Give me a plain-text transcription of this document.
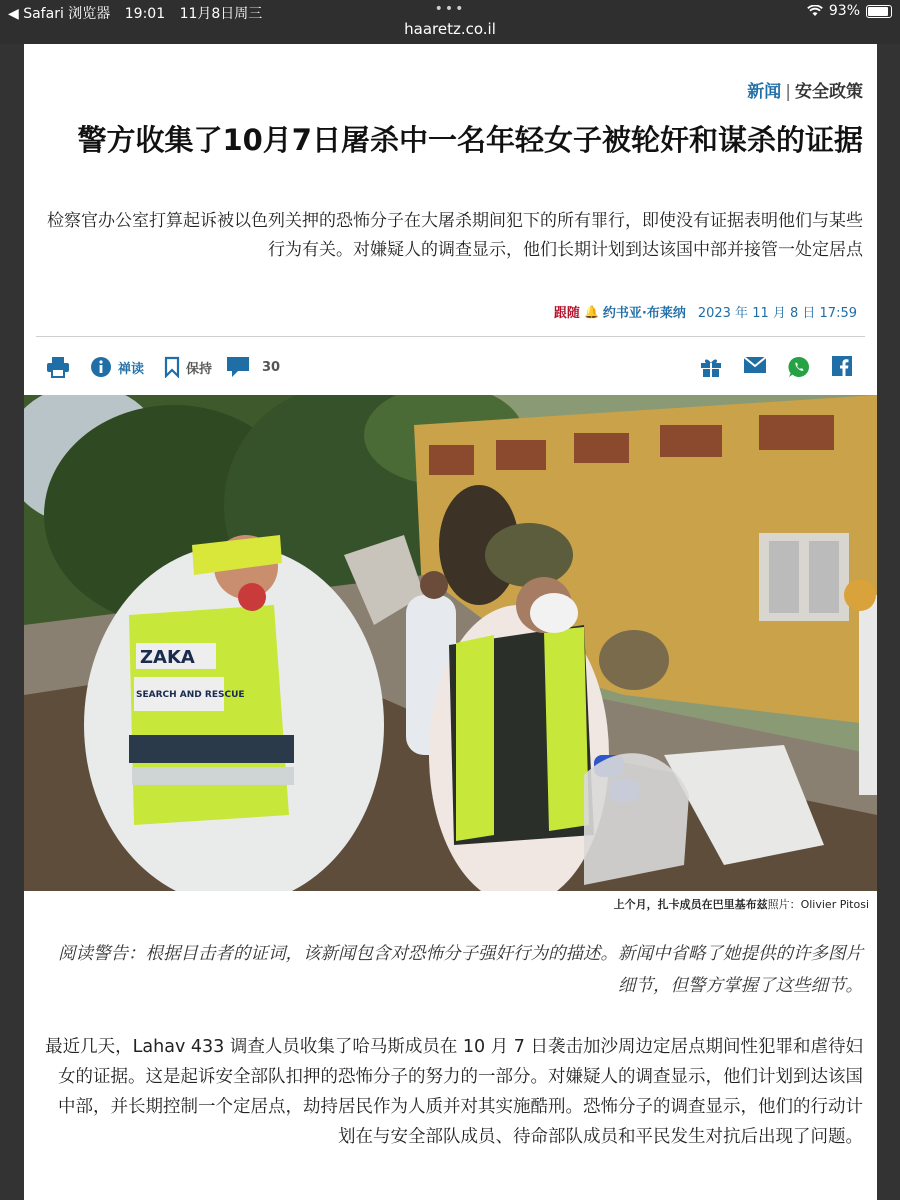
◀ Safari 浏览器 19:01 11月8日周三	•••
haaretz.co.il
93%
新闻 | 安全政策
警方收集了10月7日屠杀中一名年轻女子被轮奸和谋杀的证据

检察官办公室打算起诉被以色列关押的恐怖分子在大屠杀期间犯下的所有罪行，即使没有证据表明他们与某些行为有关。对嫌疑人的调查显示，他们长期计划到达该国中部并接管一处定居点

跟随 🔔 约书亚·布莱纳 2023 年 11 月 8 日 17:59
禅读	保持	30
ZAKA
SEARCH AND RESCUE
上个月，扎卡成员在巴里基布兹照片：Olivier Pitosi

阅读警告：根据目击者的证词，该新闻包含对恐怖分子强奸行为的描述。新闻中省略了她提供的许多图片细节，但警方掌握了这些细节。

最近几天，Lahav 433 调查人员收集了哈马斯成员在 10 月 7 日袭击加沙周边定居点期间性犯罪和虐待妇女的证据。这是起诉安全部队扣押的恐怖分子的努力的一部分。对嫌疑人的调查显示，他们计划到达该国中部，并长期控制一个定居点，劫持居民作为人质并对其实施酷刑。恐怖分子的调查显示，他们的行动计划在与安全部队成员、待命部队成员和平民发生对抗后出现了问题。
